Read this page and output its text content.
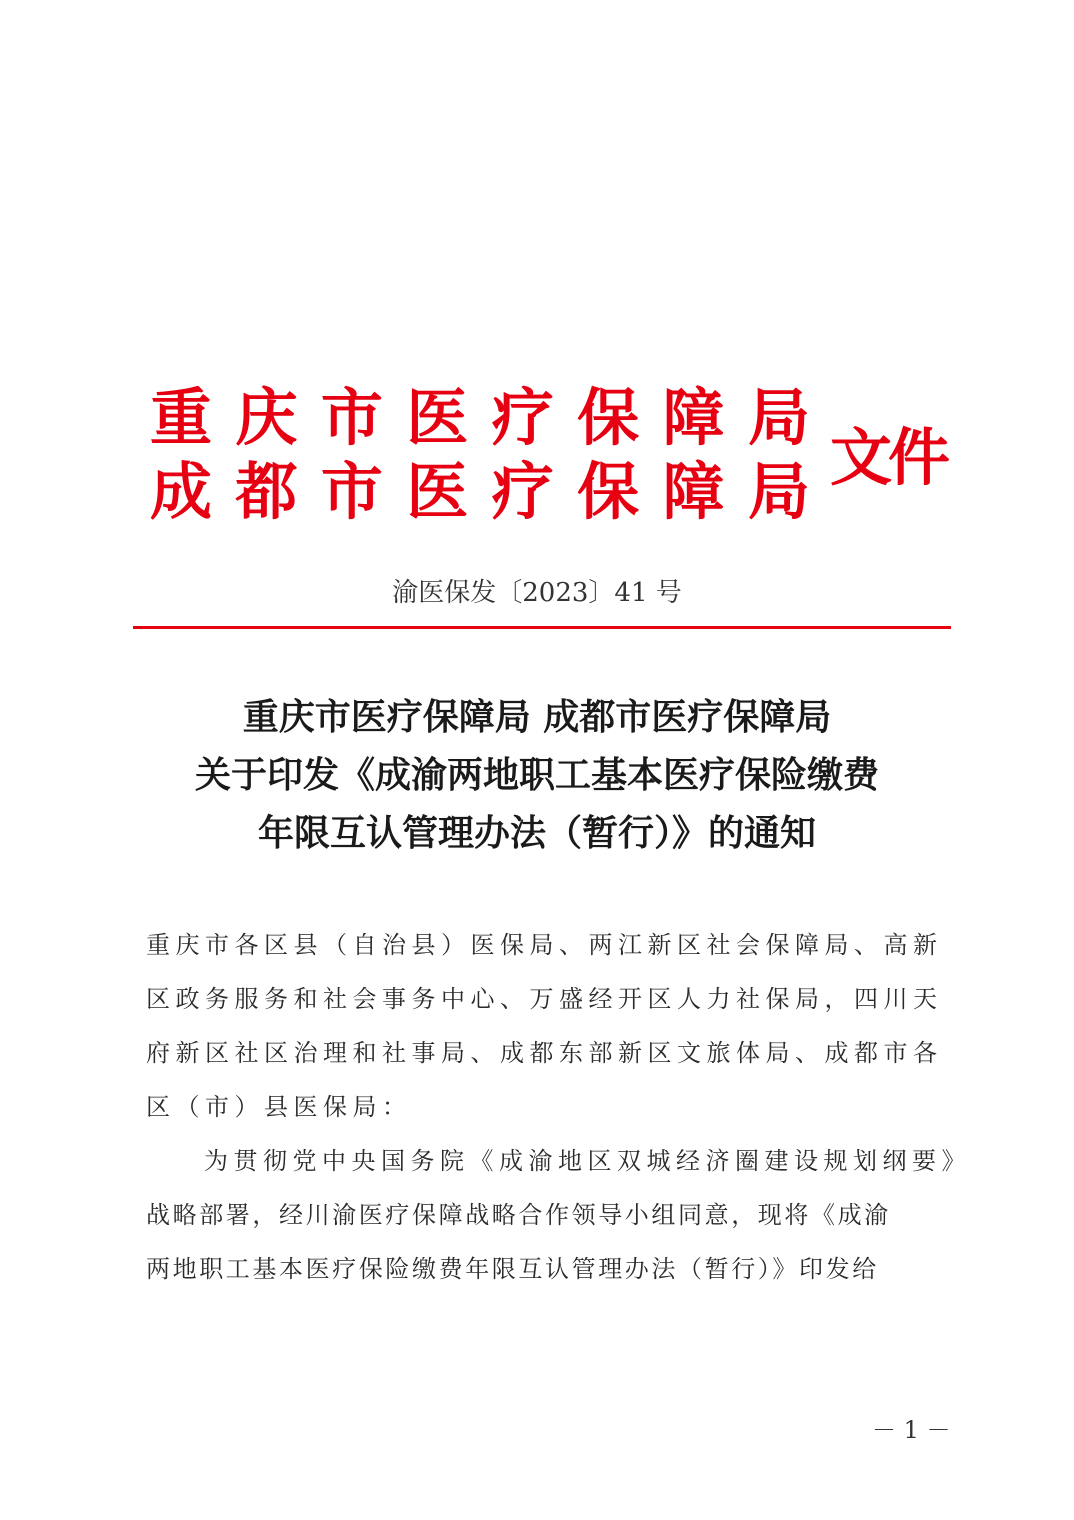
重 庆 市 医 疗 保 障 局
成 都 市 医 疗 保 障 局 文件
渝医保发〔2023〕41 号
重庆市医疗保障局 成都市医疗保障局
关于印发《成渝两地职工基本医疗保险缴费
年限互认管理办法（暂行）》的通知
重庆市各区县（自治县）医保局、两江新区社会保障局、高新
区政务服务和社会事务中心、万盛经开区人力社保局，四川天
府新区社区治理和社事局、成都东部新区文旅体局、成都市各
区（市）县医保局：
为贯彻党中央国务院《成渝地区双城经济圈建设规划纲要》
战略部署，经川渝医疗保障战略合作领导小组同意，现将《成渝
两地职工基本医疗保险缴费年限互认管理办法（暂行）》印发给
－ 1 －
